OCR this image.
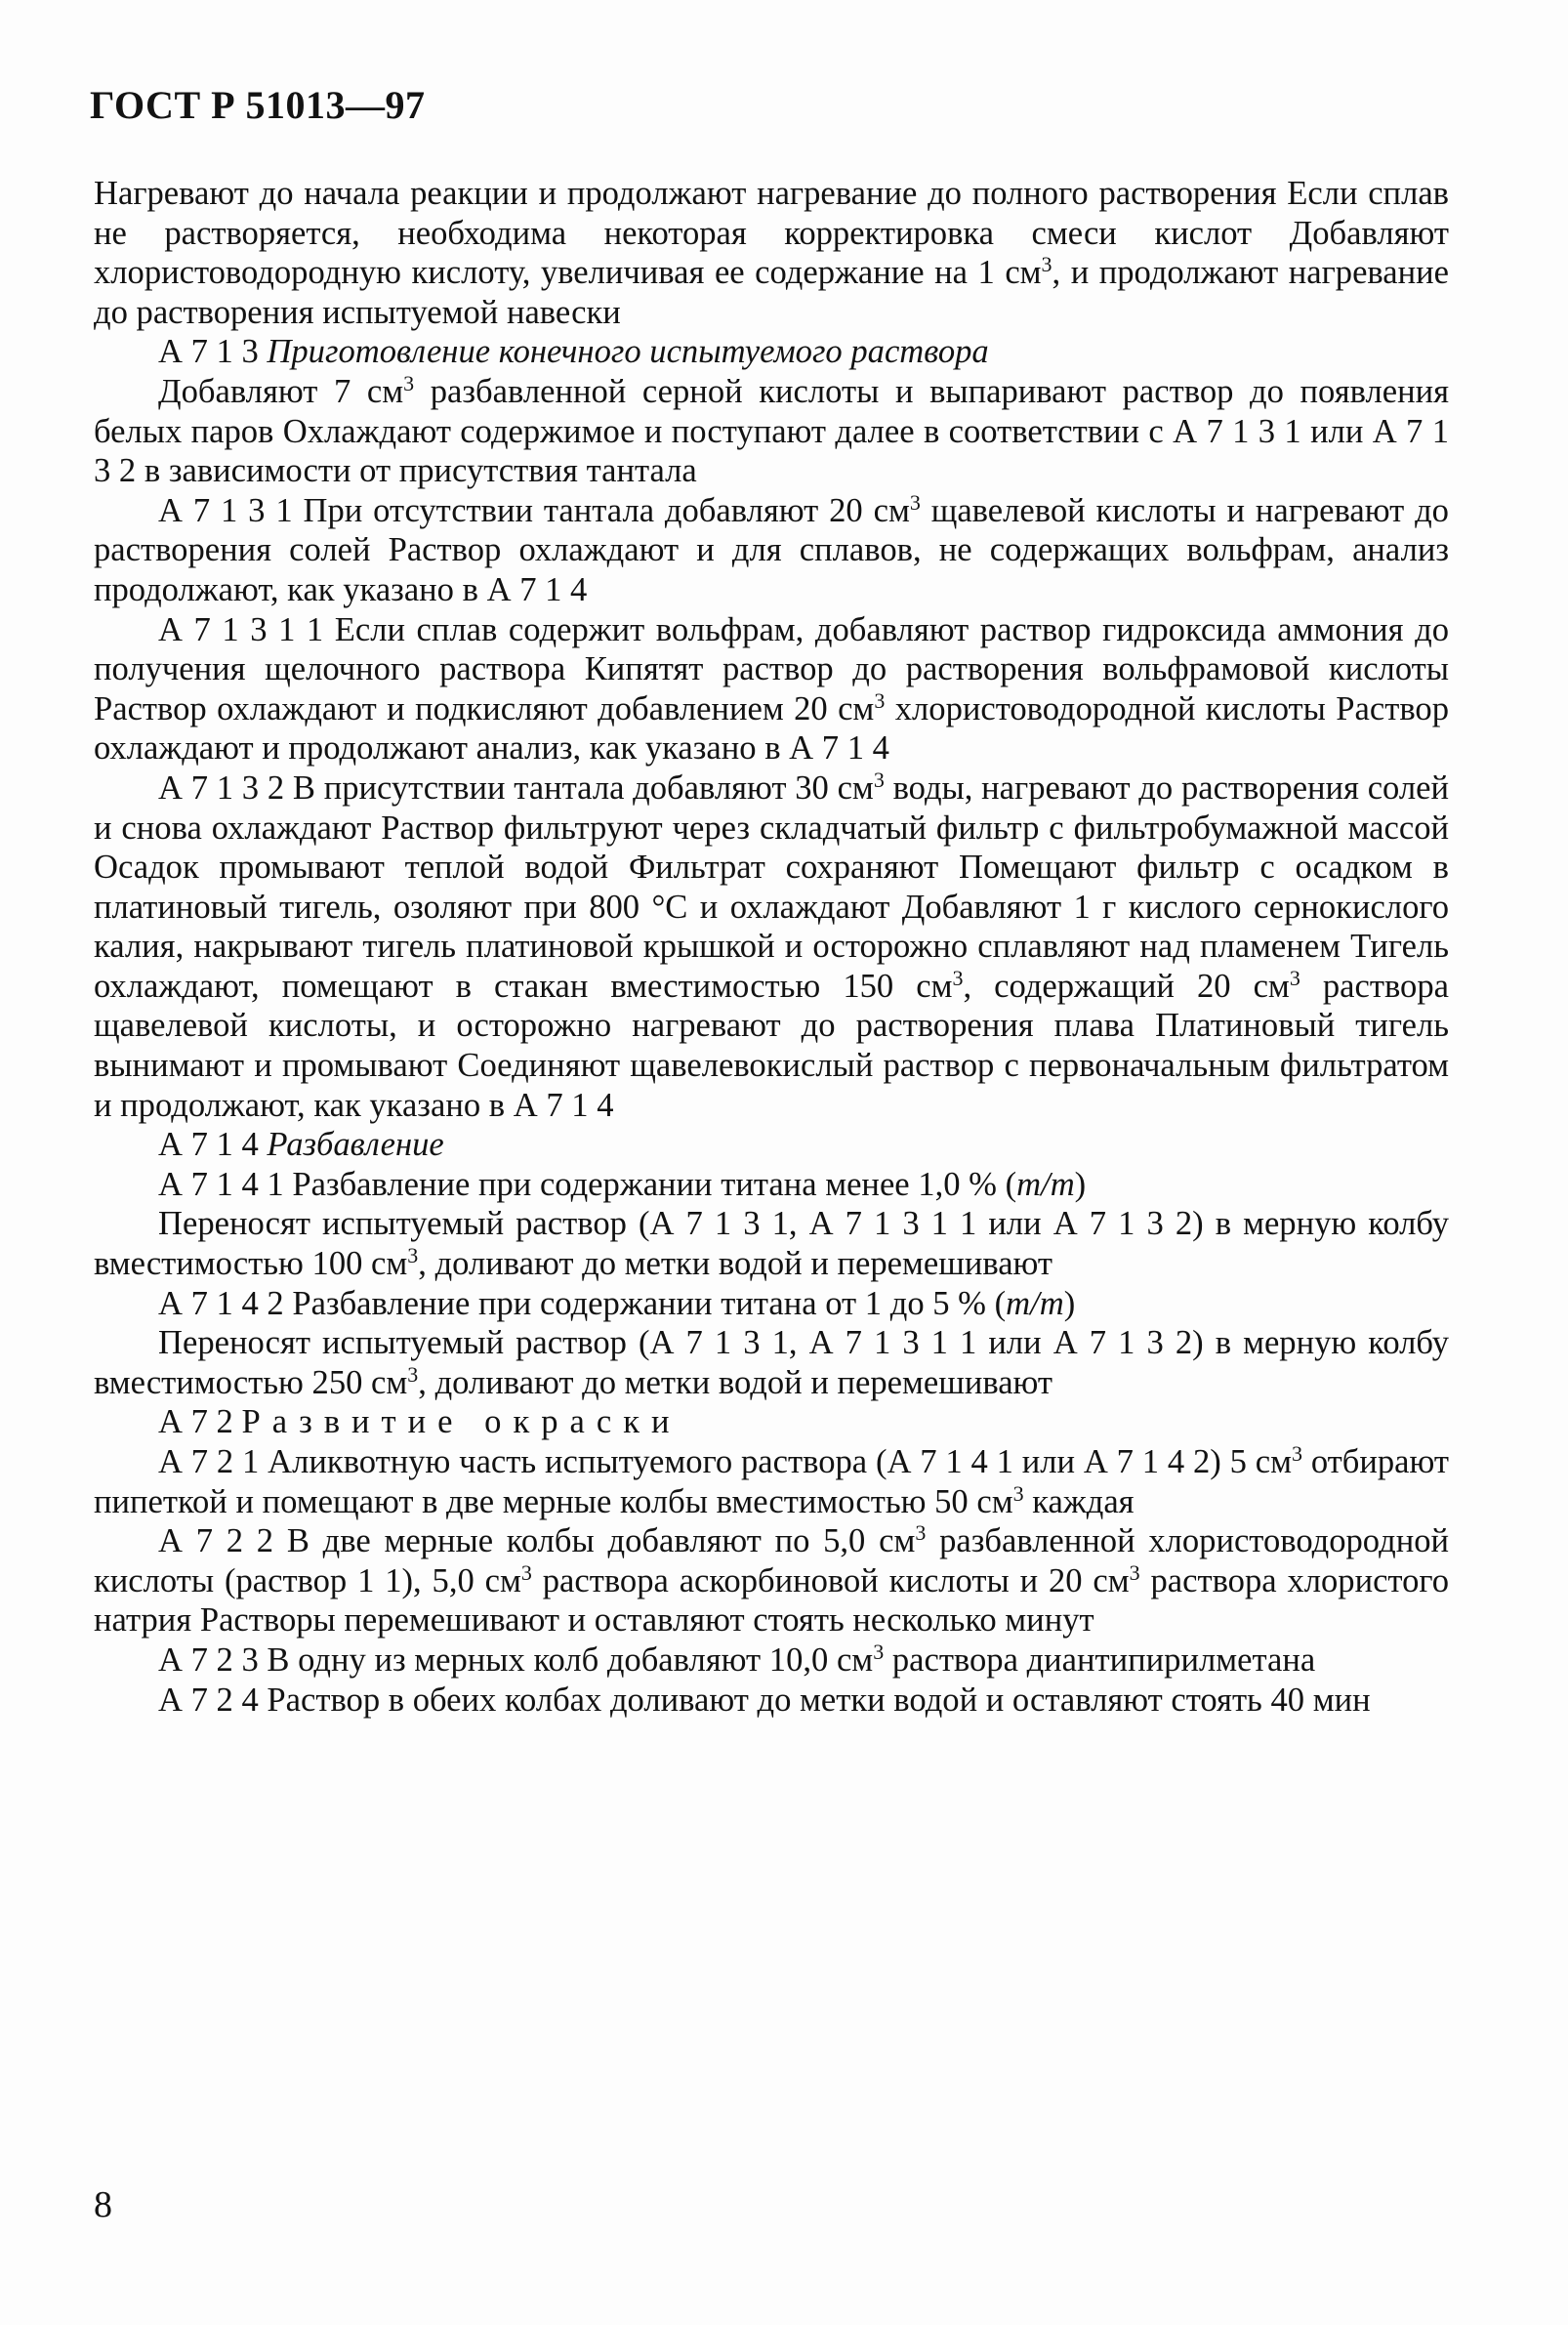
ГОСТ Р 51013—97

Нагревают до начала реакции и продолжают нагревание до полного растворения Если сплав не растворяется, необходима некоторая корректировка смеси кислот Добавляют хлористоводородную кислоту, увеличивая ее содержание на 1 $см^3$, и продолжают нагревание до растворения испытуемой навески

А 7 1 3 Приготовление конечного испытуемого раствора

Добавляют 7 $см^3$ разбавленной серной кислоты и выпаривают раствор до появления белых паров Охлаждают содержимое и поступают далее в соответствии с А 7 1 3 1 или А 7 1 3 2 в зависимости от присутствия тантала

А 7 1 3 1 При отсутствии тантала добавляют 20 $см^3$ щавелевой кислоты и нагревают до растворения солей Раствор охлаждают и для сплавов, не содержащих вольфрам, анализ продолжают, как указано в А 7 1 4

А 7 1 3 1 1 Если сплав содержит вольфрам, добавляют раствор гидроксида аммония до получения щелочного раствора Кипятят раствор до растворения вольфрамовой кислоты Раствор охлаждают и подкисляют добавлением 20 $см^3$ хлористоводородной кислоты Раствор охлаждают и продолжают анализ, как указано в А 7 1 4

А 7 1 3 2 В присутствии тантала добавляют 30 $см^3$ воды, нагревают до растворения солей и снова охлаждают Раствор фильтруют через складчатый фильтр с фильтробумажной массой Осадок промывают теплой водой Фильтрат сохраняют Помещают фильтр с осадком в платиновый тигель, озоляют при 800 °С и охлаждают Добавляют 1 г кислого сернокислого калия, накрывают тигель платиновой крышкой и осторожно сплавляют над пламенем Тигель охлаждают, помещают в стакан вместимостью 150 $см^3$, содержащий 20 $см^3$ раствора щавелевой кислоты, и осторожно нагревают до растворения плава Платиновый тигель вынимают и промывают Соединяют щавелевокислый раствор с первоначальным фильтратом и продолжают, как указано в А 7 1 4

А 7 1 4 Разбавление

А 7 1 4 1 Разбавление при содержании титана менее 1,0 % (m/m)

Переносят испытуемый раствор (А 7 1 3 1, А 7 1 3 1 1 или А 7 1 3 2) в мерную колбу вместимостью 100 $см^3$, доливают до метки водой и перемешивают

А 7 1 4 2 Разбавление при содержании титана от 1 до 5 % (m/m)

Переносят испытуемый раствор (А 7 1 3 1, А 7 1 3 1 1 или А 7 1 3 2) в мерную колбу вместимостью 250 $см^3$, доливают до метки водой и перемешивают

А 7 2 Развитие окраски

А 7 2 1 Аликвотную часть испытуемого раствора (А 7 1 4 1 или А 7 1 4 2) 5 $см^3$ отбирают пипеткой и помещают в две мерные колбы вместимостью 50 $см^3$ каждая

А 7 2 2 В две мерные колбы добавляют по 5,0 $см^3$ разбавленной хлористоводородной кислоты (раствор 1 1), 5,0 $см^3$ раствора аскорбиновой кислоты и 20 $см^3$ раствора хлористого натрия Растворы перемешивают и оставляют стоять несколько минут

А 7 2 3 В одну из мерных колб добавляют 10,0 $см^3$ раствора диантипирилметана

А 7 2 4 Раствор в обеих колбах доливают до метки водой и оставляют стоять 40 мин

8
